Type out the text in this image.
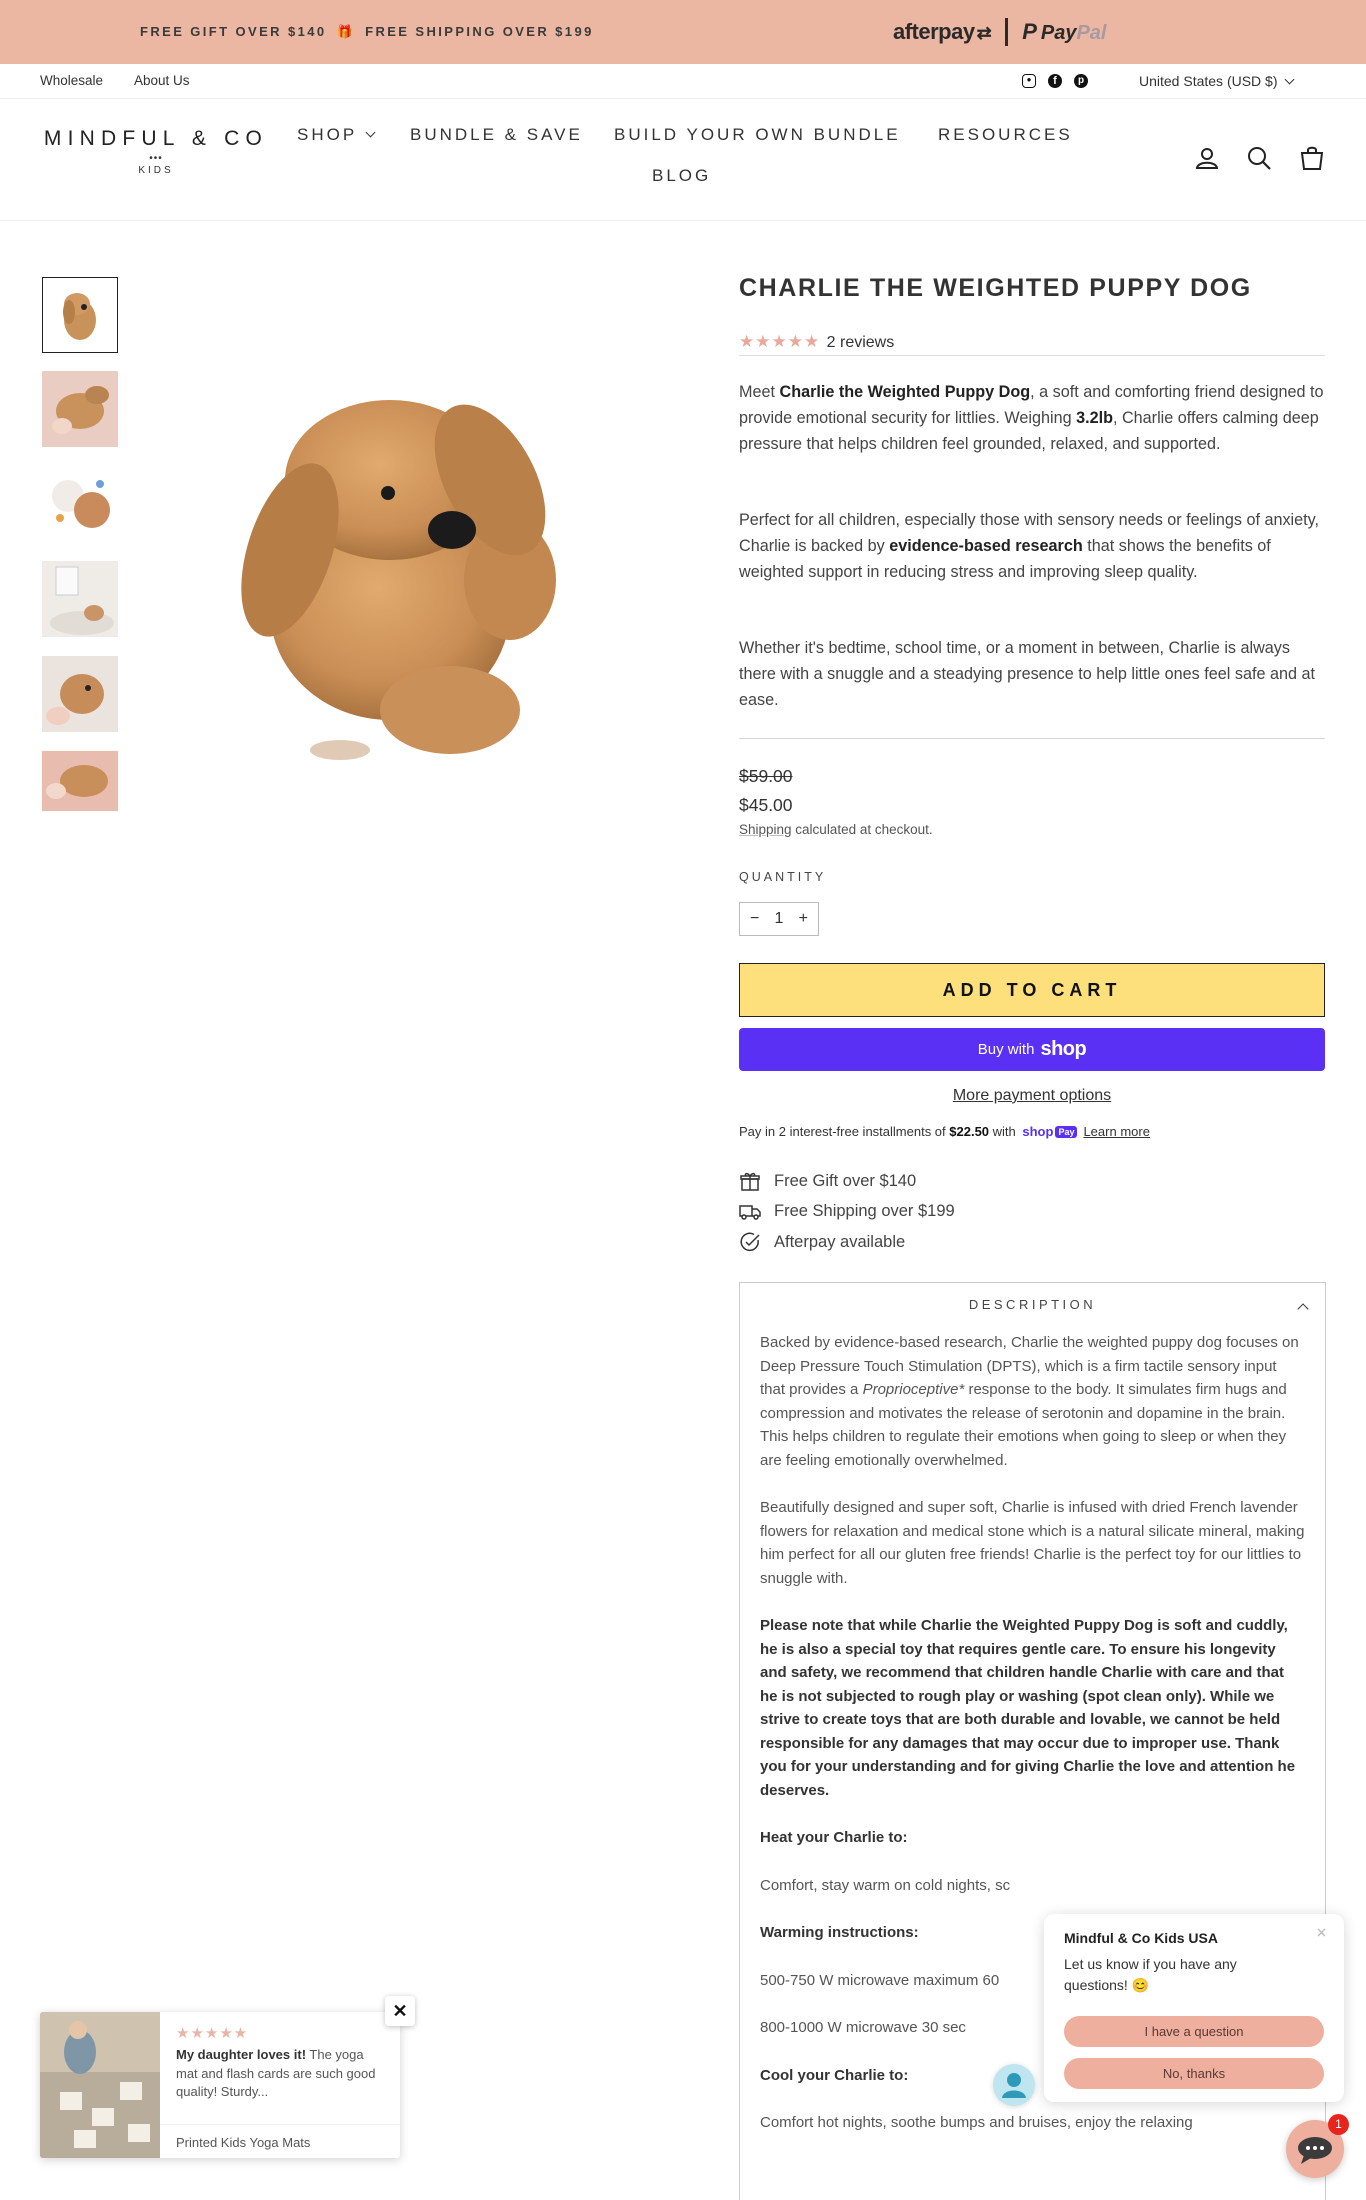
FREE GIFT OVER $140 🎁 FREE SHIPPING OVER $199	afterpay ⇄ P PayPal
Wholesale About Us	●	f	p	United States (USD $)
MINDFUL & CO
•••
KIDS
SHOP	BUNDLE & SAVE BUILD YOUR OWN BUNDLE RESOURCES
BLOG
CHARLIE THE WEIGHTED PUPPY DOG
★★★★★ 2 reviews
Meet Charlie the Weighted Puppy Dog, a soft and comforting friend designed to provide emotional security for littlies. Weighing 3.2lb, Charlie offers calming deep pressure that helps children feel grounded, relaxed, and supported.
Perfect for all children, especially those with sensory needs or feelings of anxiety, Charlie is backed by evidence-based research that shows the benefits of weighted support in reducing stress and improving sleep quality.
Whether it's bedtime, school time, or a moment in between, Charlie is always there with a snuggle and a steadying presence to help little ones feel safe and at ease.
$59.00
$45.00
Shipping calculated at checkout.
QUANTITY
− 1 +
ADD TO CART
Buy with shop
More payment options
Pay in 2 interest-free installments of $22.50 with shop Pay Learn more
Free Gift over $140
Free Shipping over $199
Afterpay available
DESCRIPTION

Backed by evidence-based research, Charlie the weighted puppy dog focuses on Deep Pressure Touch Stimulation (DPTS), which is a firm tactile sensory input that provides a Proprioceptive* response to the body. It simulates firm hugs and compression and motivates the release of serotonin and dopamine in the brain. This helps children to regulate their emotions when going to sleep or when they are feeling emotionally overwhelmed.

Beautifully designed and super soft, Charlie is infused with dried French lavender flowers for relaxation and medical stone which is a natural silicate mineral, making him perfect for all our gluten free friends! Charlie is the perfect toy for our littlies to snuggle with.

Please note that while Charlie the Weighted Puppy Dog is soft and cuddly, he is also a special toy that requires gentle care. To ensure his longevity and safety, we recommend that children handle Charlie with care and that he is not subjected to rough play or washing (spot clean only). While we strive to create toys that are both durable and lovable, we cannot be held responsible for any damages that may occur due to improper use. Thank you for your understanding and for giving Charlie the love and attention he deserves.

Heat your Charlie to:

Comfort, stay warm on cold nights, sc

Warming instructions:

500-750 W microwave maximum 60

800-1000 W microwave 30 sec

Cool your Charlie to:

Comfort hot nights, soothe bumps and bruises, enjoy the relaxing

★★★★★
My daughter loves it! The yoga mat and flash cards are such good quality! Sturdy...
Printed Kids Yoga Mats
✕
Mindful & Co Kids USA
Let us know if you have any questions! 😊
I have a question
No, thanks
1
